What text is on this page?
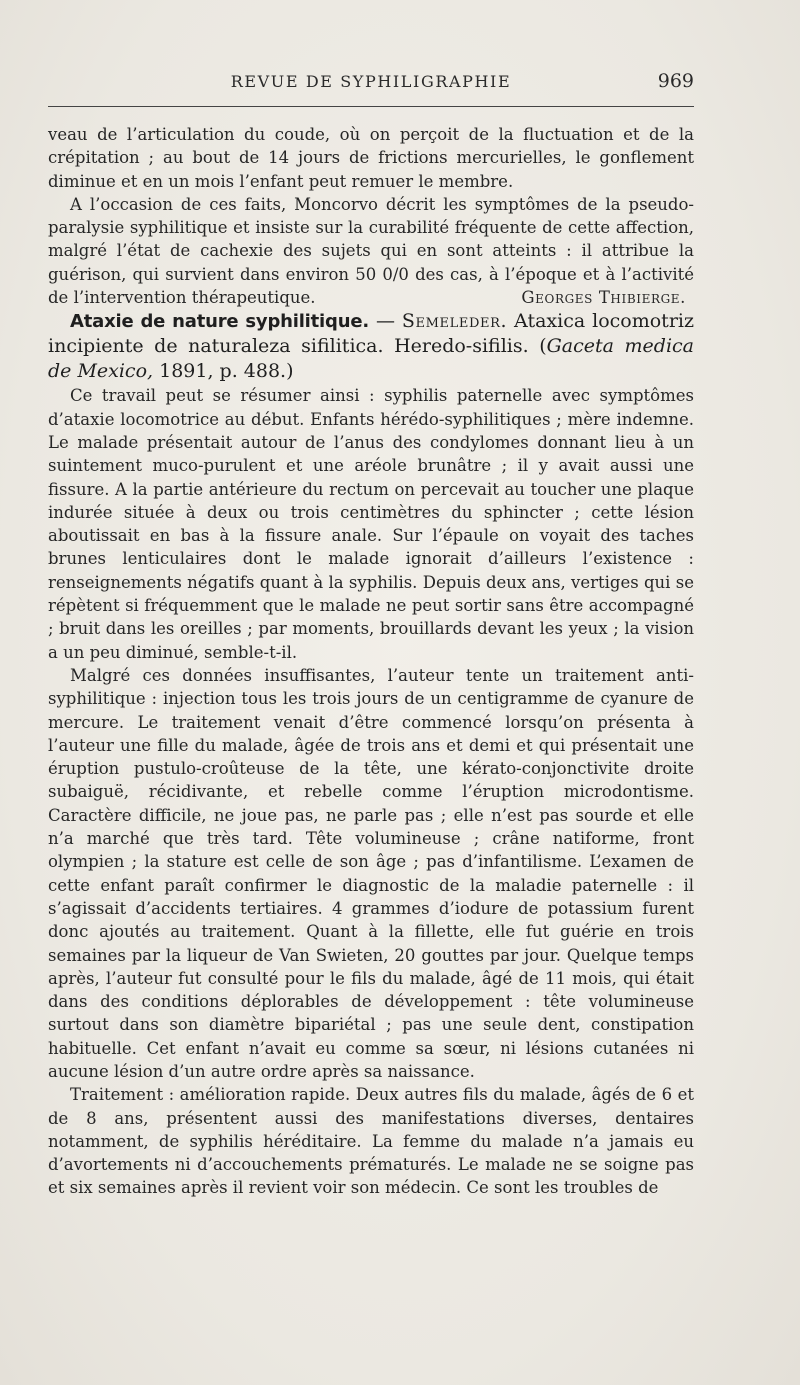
REVUE DE SYPHILIGRAPHIE	969

veau de l’articulation du coude, où on perçoit de la fluctuation et de la crépitation ; au bout de 14 jours de frictions mercurielles, le gonflement diminue et en un mois l’enfant peut remuer le membre.

A l’occasion de ces faits, Moncorvo décrit les symptômes de la pseudo-paralysie syphilitique et insiste sur la curabilité fréquente de cette affection, malgré l’état de cachexie des sujets qui en sont atteints : il attribue la guérison, qui survient dans environ 50 0/0 des cas, à l’époque et à l’activité de l’intervention thérapeutique.	Georges Thibierge.

Ataxie de nature syphilitique. — Semeleder. Ataxica locomotriz incipiente de naturaleza sifilitica. Heredo-sifilis. (Gaceta medica de Mexico, 1891, p. 488.)

Ce travail peut se résumer ainsi : syphilis paternelle avec symptômes d’ataxie locomotrice au début. Enfants hérédo-syphilitiques ; mère indemne. Le malade présentait autour de l’anus des condylomes donnant lieu à un suintement muco-purulent et une aréole brunâtre ; il y avait aussi une fissure. A la partie antérieure du rectum on percevait au toucher une plaque indurée située à deux ou trois centimètres du sphincter ; cette lésion aboutissait en bas à la fissure anale. Sur l’épaule on voyait des taches brunes lenticulaires dont le malade ignorait d’ailleurs l’existence : renseignements négatifs quant à la syphilis. Depuis deux ans, vertiges qui se répètent si fréquemment que le malade ne peut sortir sans être accompagné ; bruit dans les oreilles ; par moments, brouillards devant les yeux ; la vision a un peu diminué, semble-t-il.

Malgré ces données insuffisantes, l’auteur tente un traitement anti-syphilitique : injection tous les trois jours de un centigramme de cyanure de mercure. Le traitement venait d’être commencé lorsqu’on présenta à l’auteur une fille du malade, âgée de trois ans et demi et qui présentait une éruption pustulo-croûteuse de la tête, une kérato-conjonctivite droite subaiguë, récidivante, et rebelle comme l’éruption microdontisme. Caractère difficile, ne joue pas, ne parle pas ; elle n’est pas sourde et elle n’a marché que très tard. Tête volumineuse ; crâne natiforme, front olympien ; la stature est celle de son âge ; pas d’infantilisme. L’examen de cette enfant paraît confirmer le diagnostic de la maladie paternelle : il s’agissait d’accidents tertiaires. 4 grammes d’iodure de potassium furent donc ajoutés au traitement. Quant à la fillette, elle fut guérie en trois semaines par la liqueur de Van Swieten, 20 gouttes par jour. Quelque temps après, l’auteur fut consulté pour le fils du malade, âgé de 11 mois, qui était dans des conditions déplorables de développement : tête volumineuse surtout dans son diamètre bipariétal ; pas une seule dent, constipation habituelle. Cet enfant n’avait eu comme sa sœur, ni lésions cutanées ni aucune lésion d’un autre ordre après sa naissance.

Traitement : amélioration rapide. Deux autres fils du malade, âgés de 6 et de 8 ans, présentent aussi des manifestations diverses, dentaires notamment, de syphilis héréditaire. La femme du malade n’a jamais eu d’avortements ni d’accouchements prématurés. Le malade ne se soigne pas et six semaines après il revient voir son médecin. Ce sont les troubles de
